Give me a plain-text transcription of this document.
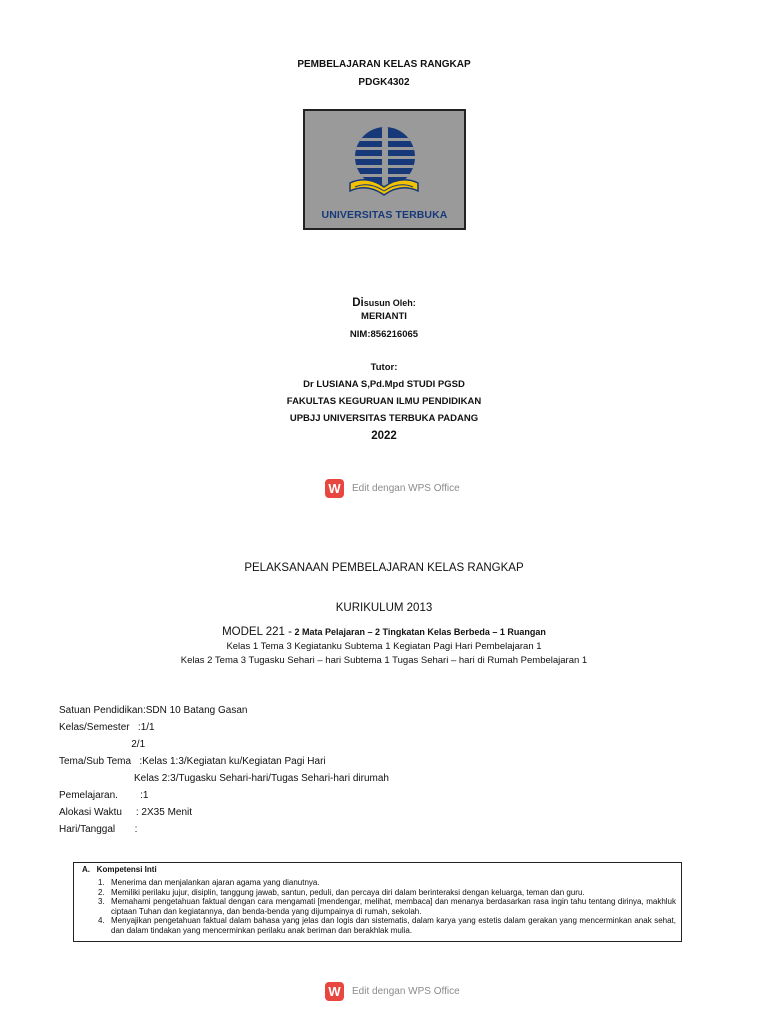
PEMBELAJARAN KELAS RANGKAP
PDGK4302
UNIVERSITAS TERBUKA
Disusun Oleh:
MERIANTI
NIM:856216065
Tutor:
Dr LUSIANA S,Pd.Mpd STUDI PGSD
FAKULTAS KEGURUAN ILMU PENDIDIKAN
UPBJJ UNIVERSITAS TERBUKA PADANG
2022
W	Edit dengan WPS Office
PELAKSANAAN PEMBELAJARAN KELAS RANGKAP
KURIKULUM 2013
MODEL 221 - 2 Mata Pelajaran – 2 Tingkatan Kelas Berbeda – 1 Ruangan
Kelas 1 Tema 3 Kegiatanku Subtema 1 Kegiatan Pagi Hari Pembelajaran 1
Kelas 2 Tema 3 Tugasku Sehari – hari Subtema 1 Tugas Sehari – hari di Rumah Pembelajaran 1
Satuan Pendidikan:SDN 10 Batang Gasan
Kelas/Semester   :1/1
2/1
Tema/Sub Tema   :Kelas 1:3/Kegiatan ku/Kegiatan Pagi Hari
Kelas 2:3/Tugasku Sehari-hari/Tugas Sehari-hari dirumah
Pemelajaran.        :1
Alokasi Waktu     : 2X35 Menit
Hari/Tanggal       :
A.   Kompetensi Inti
1. Menerima dan menjalankan ajaran agama yang dianutnya.
2. Memiliki perilaku jujur, disiplin, tanggung jawab, santun, peduli, dan percaya diri dalam berinteraksi dengan keluarga, teman dan guru.
3. Memahami pengetahuan faktual dengan cara mengamati [mendengar, melihat, membaca] dan menanya berdasarkan rasa ingin tahu tentang dirinya, makhluk ciptaan Tuhan dan kegiatannya, dan benda-benda yang dijumpainya di rumah, sekolah.
4. Menyajikan pengetahuan faktual dalam bahasa yang jelas dan logis dan sistematis, dalam karya yang estetis dalam gerakan yang mencerminkan anak sehat, dan dalam tindakan yang mencerminkan perilaku anak beriman dan berakhlak mulia.
W	Edit dengan WPS Office
